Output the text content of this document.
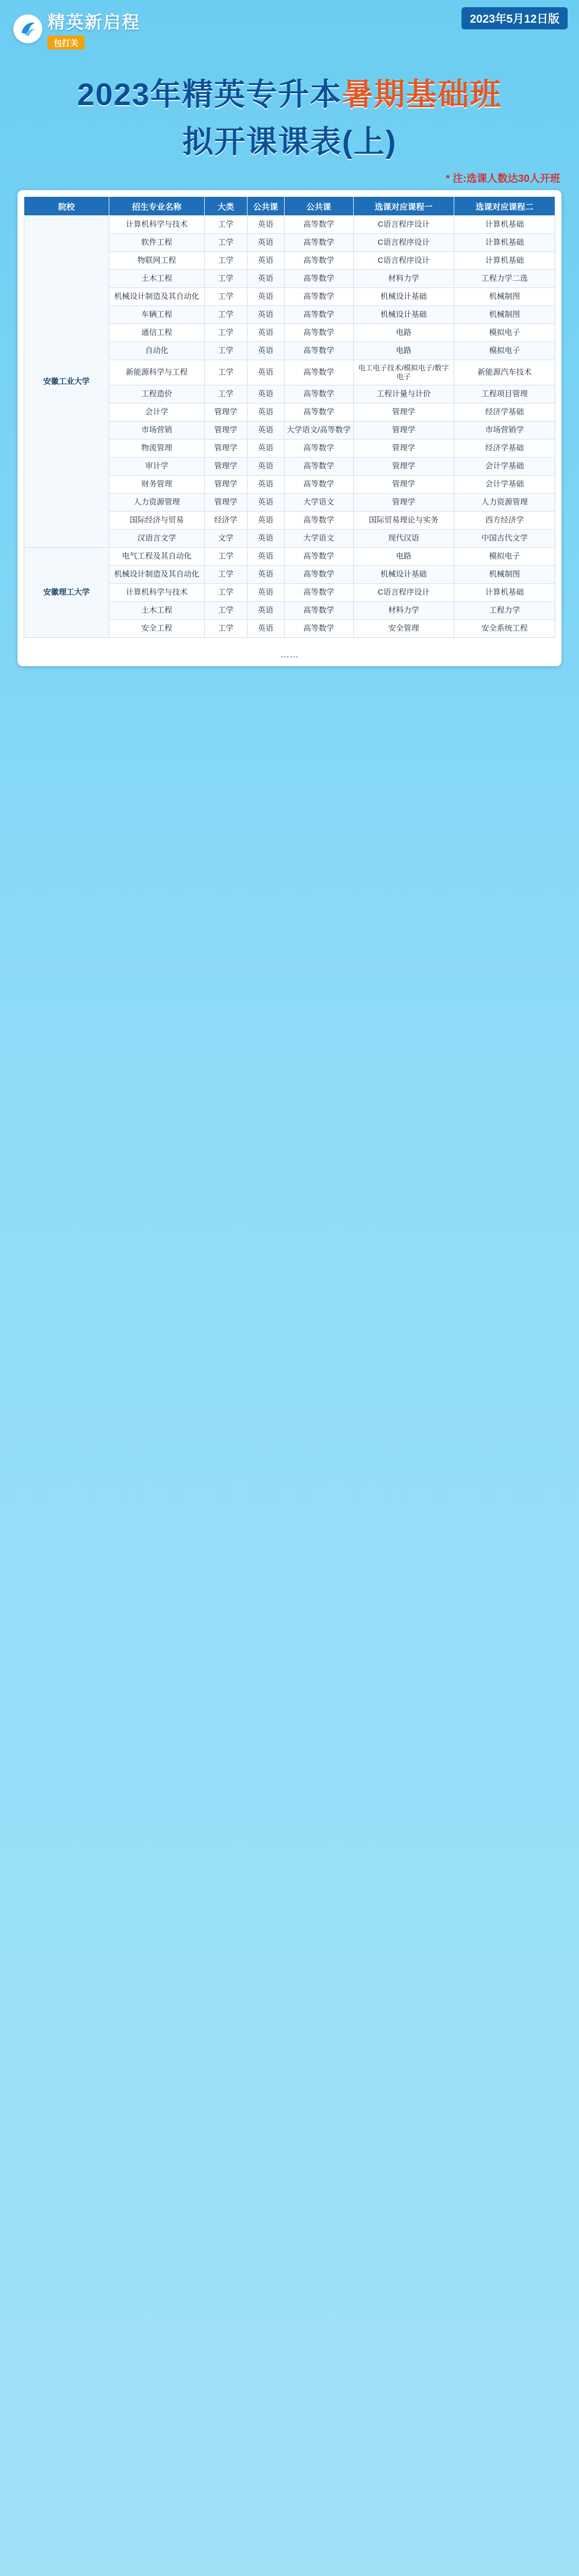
精英新启程
包打关
2023年5月12日版
2023年精英专升本暑期基础班
拟开课课表(上)
* 注:选课人数达30人开班
院校	招生专业名称	大类	公共课	公共课	选课对应课程一	选课对应课程二
安徽工业大学	计算机科学与技术	工学	英语	高等数学	C语言程序设计	计算机基础
	软件工程	工学	英语	高等数学	C语言程序设计	计算机基础
	物联网工程	工学	英语	高等数学	C语言程序设计	计算机基础
	土木工程	工学	英语	高等数学	材料力学	工程力学二选
	机械设计制造及其自动化	工学	英语	高等数学	机械设计基础	机械制图
	车辆工程	工学	英语	高等数学	机械设计基础	机械制图
	通信工程	工学	英语	高等数学	电路	模拟电子
	自动化	工学	英语	高等数学	电路	模拟电子
	新能源科学与工程	工学	英语	高等数学	电工电子技术/模拟电子/数字电子	新能源汽车技术
	工程造价	工学	英语	高等数学	工程计量与计价	工程项目管理
	会计学	管理学	英语	高等数学	管理学	经济学基础
	市场营销	管理学	英语	大学语文/高等数学	管理学	市场营销学
	物流管理	管理学	英语	高等数学	管理学	经济学基础
	审计学	管理学	英语	高等数学	管理学	会计学基础
	财务管理	管理学	英语	高等数学	管理学	会计学基础
	人力资源管理	管理学	英语	大学语文	管理学	人力资源管理
	国际经济与贸易	经济学	英语	高等数学	国际贸易理论与实务	西方经济学
	汉语言文学	文学	英语	大学语文	现代汉语	中国古代文学
安徽理工大学	电气工程及其自动化	工学	英语	高等数学	电路	模拟电子
	机械设计制造及其自动化	工学	英语	高等数学	机械设计基础	机械制图
	计算机科学与技术	工学	英语	高等数学	C语言程序设计	计算机基础
	土木工程	工学	英语	高等数学	材料力学	工程力学
	安全工程	工学	英语	高等数学	安全管理	安全系统工程
……
